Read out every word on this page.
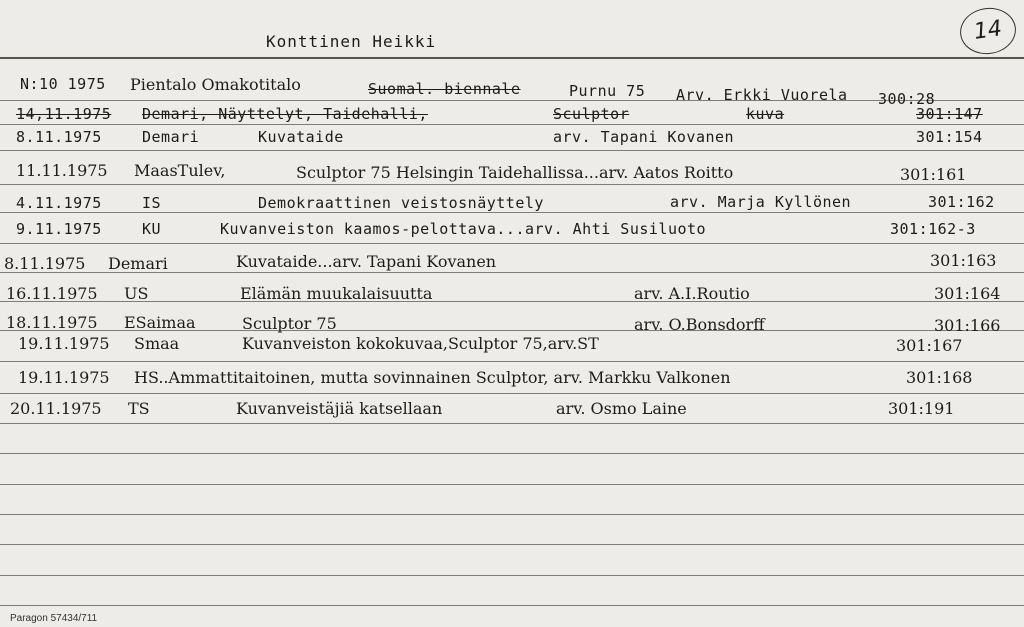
Konttinen Heikki	14
N:10 1975 Pientalo Omakotitalo	Suomal. biennale	Purnu 75 Arv. Erkki Vuorela 300:28
14,11.1975 Demari, Näyttelyt, Taidehalli,	Sculptor	kuva	301:147
8.11.1975	Demari	Kuvataide	arv. Tapani Kovanen	301:154
11.11.1975 MaasTulev,	Sculptor 75 Helsingin Taidehallissa...arv. Aatos Roitto	301:161
4.11.1975	IS	Demokraattinen veistosnäyttely	arv. Marja Kyllönen	301:162
9.11.1975	KU	Kuvanveiston kaamos-pelottava...arv. Ahti Susiluoto	301:162-3
8.11.1975 Demari	Kuvataide...arv. Tapani Kovanen	301:163
16.11.1975 US	Elämän muukalaisuutta	arv. A.I.Routio	301:164
18.11.1975 ESaimaa	Sculptor 75	arv. O.Bonsdorff	301:166
19.11.1975 Smaa	Kuvanveiston kokokuvaa,Sculptor 75,arv.ST	301:167
19.11.1975 HS..Ammattitaitoinen, mutta sovinnainen Sculptor, arv. Markku Valkonen	301:168
20.11.1975 TS	Kuvanveistäjiä katsellaan	arv. Osmo Laine	301:191
Paragon 57434/711
